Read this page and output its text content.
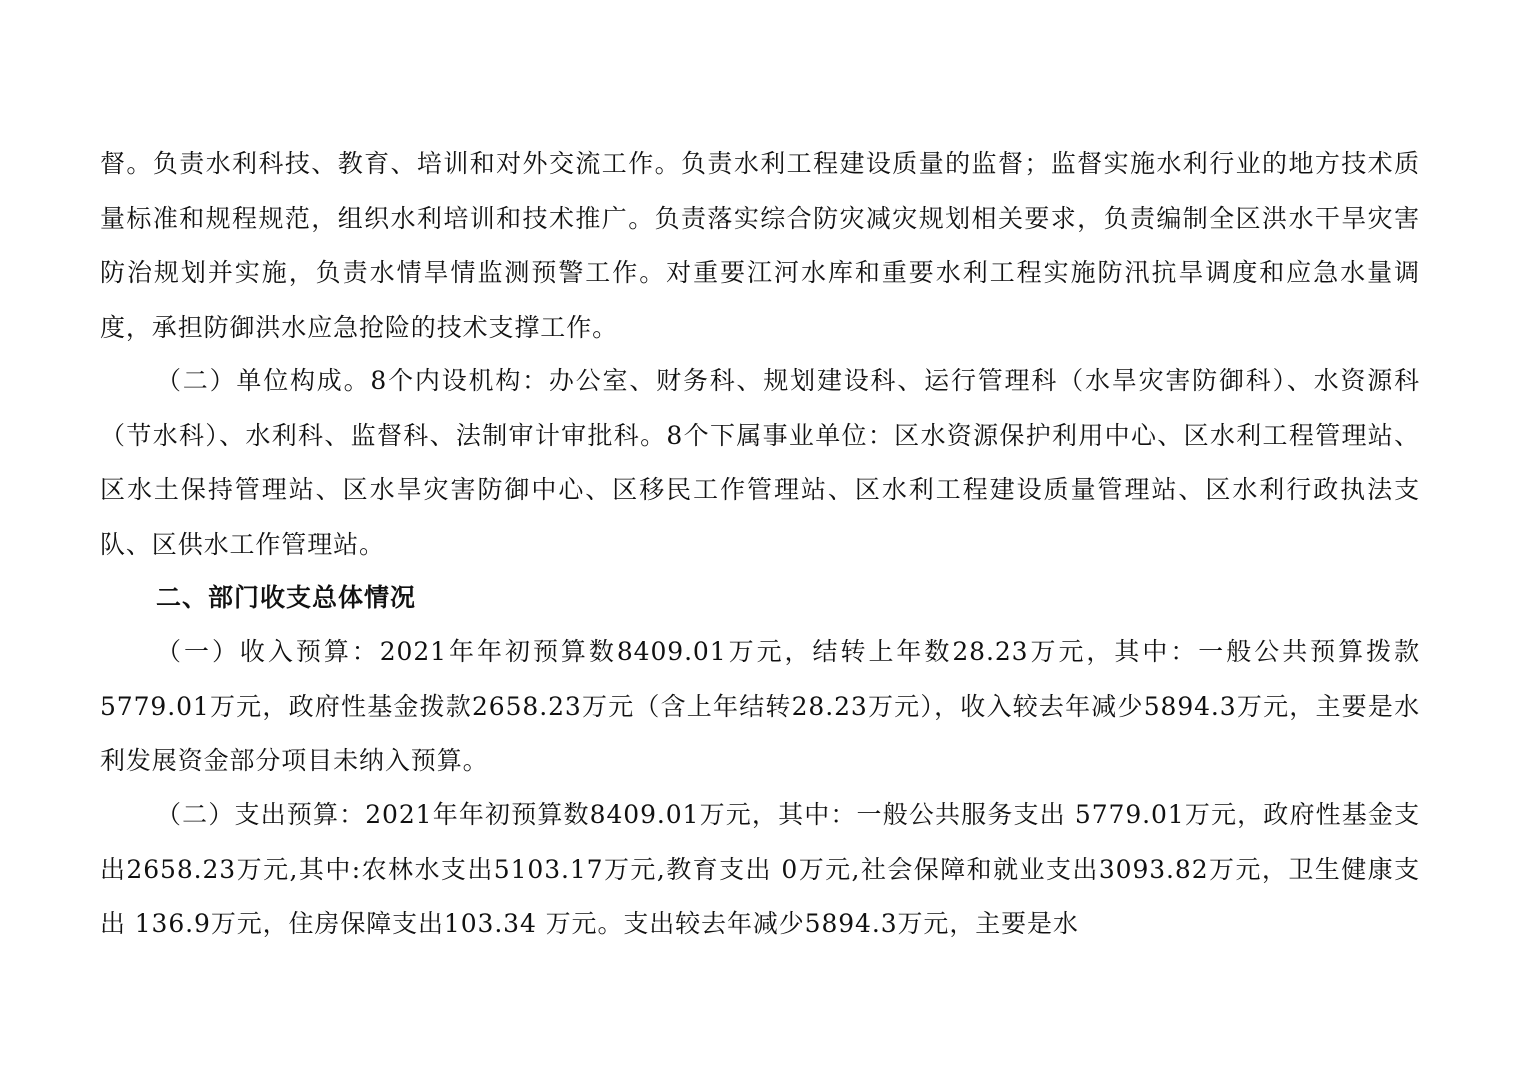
督。负责水利科技、教育、培训和对外交流工作。负责水利工程建设质量的监督；监督实施水利行业的地方技术质量标准和规程规范，组织水利培训和技术推广。负责落实综合防灾减灾规划相关要求，负责编制全区洪水干旱灾害防治规划并实施，负责水情旱情监测预警工作。对重要江河水库和重要水利工程实施防汛抗旱调度和应急水量调度，承担防御洪水应急抢险的技术支撑工作。

（二）单位构成。8个内设机构：办公室、财务科、规划建设科、运行管理科（水旱灾害防御科）、水资源科（节水科）、水利科、监督科、法制审计审批科。8个下属事业单位：区水资源保护利用中心、区水利工程管理站、区水土保持管理站、区水旱灾害防御中心、区移民工作管理站、区水利工程建设质量管理站、区水利行政执法支队、区供水工作管理站。

二、部门收支总体情况

（一）收入预算：2021年年初预算数8409.01万元，结转上年数28.23万元，其中：一般公共预算拨款5779.01万元，政府性基金拨款2658.23万元（含上年结转28.23万元），收入较去年减少5894.3万元，主要是水利发展资金部分项目未纳入预算。

（二）支出预算：2021年年初预算数8409.01万元，其中：一般公共服务支出 5779.01万元，政府性基金支出2658.23万元,其中:农林水支出5103.17万元,教育支出 0万元,社会保障和就业支出3093.82万元，卫生健康支出 136.9万元，住房保障支出103.34 万元。支出较去年减少5894.3万元，主要是水
